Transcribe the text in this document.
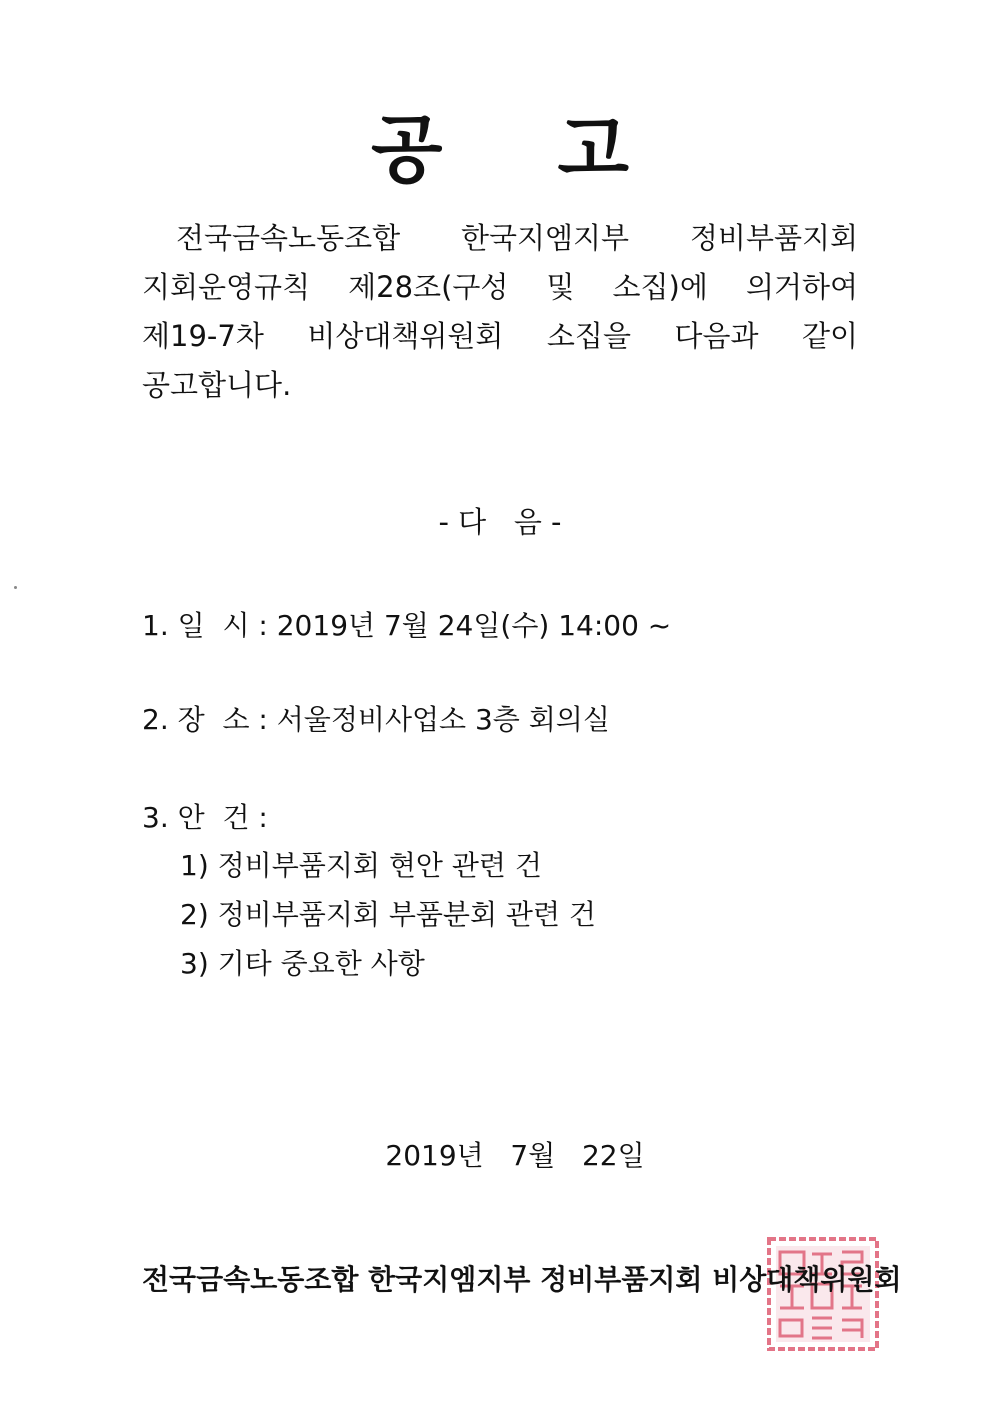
공고
전국금속노동조합 한국지엠지부 정비부품지회
지회운영규칙 제28조(구성 및 소집)에 의거하여
제19-7차 비상대책위원회 소집을 다음과 같이
공고합니다.
- 다   음 -
1. 일  시 : 2019년 7월 24일(수) 14:00 ~
2. 장  소 : 서울정비사업소 3층 회의실
3. 안  건 :
1) 정비부품지회 현안 관련 건
2) 정비부품지회 부품분회 관련 건
3) 기타 중요한 사항
2019년   7월   22일
전국금속노동조합 한국지엠지부 정비부품지회 비상대책위원회
